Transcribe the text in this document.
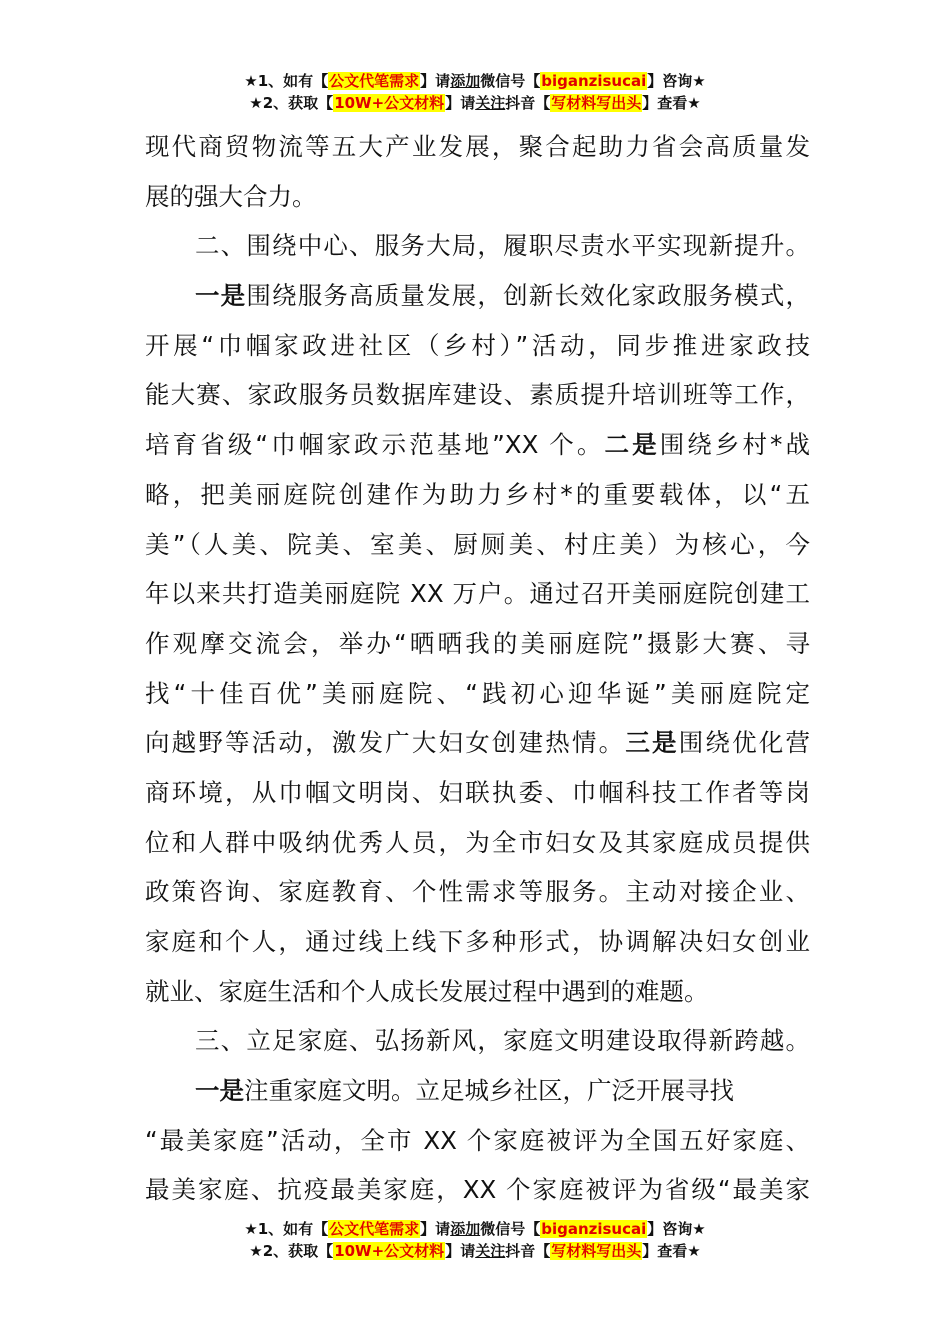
★1、如有【公文代笔需求】请添加微信号【biganzisucai】咨询★
★2、获取【10W+公文材料】请关注抖音【写材料写出头】查看★
现代商贸物流等五大产业发展，聚合起助力省会高质量发
展的强大合力。
二、围绕中心、服务大局，履职尽责水平实现新提升。
一是围绕服务高质量发展，创新长效化家政服务模式，
开展“巾帼家政进社区（乡村）”活动，同步推进家政技
能大赛、家政服务员数据库建设、素质提升培训班等工作，
培育省级“巾帼家政示范基地”XX 个。二是围绕乡村*战
略，把美丽庭院创建作为助力乡村*的重要载体，以“五
美”（人美、院美、室美、厨厕美、村庄美）为核心，今
年以来共打造美丽庭院 XX 万户。通过召开美丽庭院创建工
作观摩交流会，举办“晒晒我的美丽庭院”摄影大赛、寻
找“十佳百优”美丽庭院、“践初心迎华诞”美丽庭院定
向越野等活动，激发广大妇女创建热情。三是围绕优化营
商环境，从巾帼文明岗、妇联执委、巾帼科技工作者等岗
位和人群中吸纳优秀人员，为全市妇女及其家庭成员提供
政策咨询、家庭教育、个性需求等服务。主动对接企业、
家庭和个人，通过线上线下多种形式，协调解决妇女创业
就业、家庭生活和个人成长发展过程中遇到的难题。
三、立足家庭、弘扬新风，家庭文明建设取得新跨越。
一是注重家庭文明。立足城乡社区，广泛开展寻找
“最美家庭”活动，全市 XX 个家庭被评为全国五好家庭、
最美家庭、抗疫最美家庭，XX 个家庭被评为省级“最美家
★1、如有【公文代笔需求】请添加微信号【biganzisucai】咨询★
★2、获取【10W+公文材料】请关注抖音【写材料写出头】查看★
